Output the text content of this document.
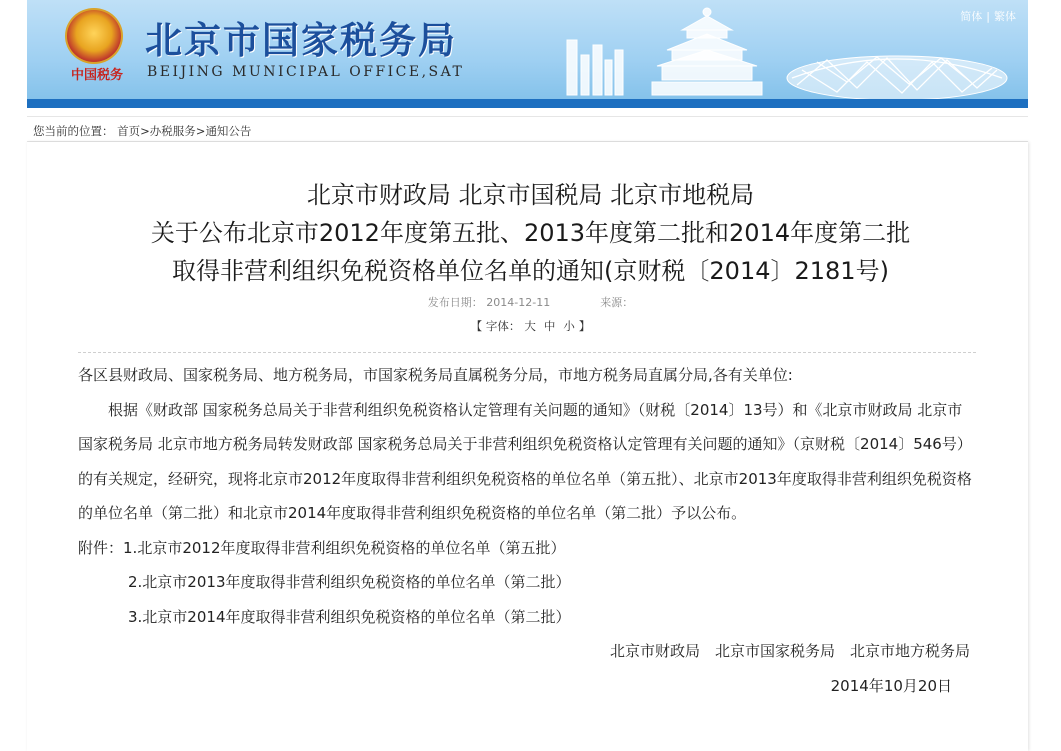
中国税务
北京市国家税务局
BEIJING MUNICIPAL OFFICE,SAT
简体 | 繁体
您当前的位置： 首页>办税服务>通知公告
北京市财政局 北京市国税局 北京市地税局
关于公布北京市2012年度第五批、2013年度第二批和2014年度第二批
取得非营利组织免税资格单位名单的通知(京财税〔2014〕2181号)
发布日期： 2014-12-11	来源：
【 字体： 大 中 小 】

各区县财政局、国家税务局、地方税务局，市国家税务局直属税务分局，市地方税务局直属分局,各有关单位:

根据《财政部 国家税务总局关于非营利组织免税资格认定管理有关问题的通知》（财税〔2014〕13号）和《北京市财政局 北京市国家税务局 北京市地方税务局转发财政部 国家税务总局关于非营利组织免税资格认定管理有关问题的通知》（京财税〔2014〕546号）的有关规定，经研究，现将北京市2012年度取得非营利组织免税资格的单位名单（第五批）、北京市2013年度取得非营利组织免税资格的单位名单（第二批）和北京市2014年度取得非营利组织免税资格的单位名单（第二批）予以公布。

附件：1.北京市2012年度取得非营利组织免税资格的单位名单（第五批）

2.北京市2013年度取得非营利组织免税资格的单位名单（第二批）

3.北京市2014年度取得非营利组织免税资格的单位名单（第二批）

北京市财政局　北京市国家税务局　北京市地方税务局

2014年10月20日
